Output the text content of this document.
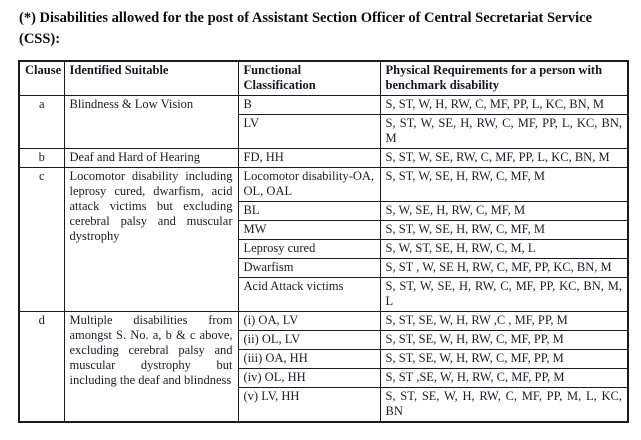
(*) Disabilities allowed for the post of Assistant Section Officer of Central Secretariat Service (CSS):
Clause	Identified Suitable	Functional Classification	Physical Requirements for a person with benchmark disability
a	Blindness & Low Vision	B	S, ST, W, H, RW, C, MF, PP, L, KC, BN, M
		LV	S, ST, W, SE, H, RW, C, MF, PP, L, KC, BN, M
b	Deaf and Hard of Hearing	FD, HH	S, ST, W, SE, RW, C, MF, PP, L, KC, BN, M
c	Locomotor disability including leprosy cured, dwarfism, acid attack victims but excluding cerebral palsy and muscular dystrophy	Locomotor disability-OA, OL, OAL	S, ST, W, SE, H, RW, C, MF, M
		BL	S, W, SE, H, RW, C, MF, M
		MW	S, ST, W, SE, H, RW, C, MF, M
		Leprosy cured	S, W, ST, SE, H, RW, C, M, L
		Dwarfism	S, ST , W, SE H, RW, C, MF, PP, KC, BN, M
		Acid Attack victims	S, ST, W, SE, H, RW, C, MF, PP, KC, BN, M, L
d	Multiple disabilities from amongst S. No. a, b & c above, excluding cerebral palsy and muscular dystrophy but including the deaf and blindness	(i) OA, LV	S, ST, SE, W, H, RW ,C , MF, PP, M
		(ii) OL, LV	S, ST, SE, W, H, RW, C, MF, PP, M
		(iii) OA, HH	S, ST, SE, W, H, RW, C, MF, PP, M
		(iv) OL, HH	S, ST ,SE, W, H, RW, C, MF, PP, M
		(v) LV, HH	S, ST, SE, W, H, RW, C, MF, PP, M, L, KC, BN
